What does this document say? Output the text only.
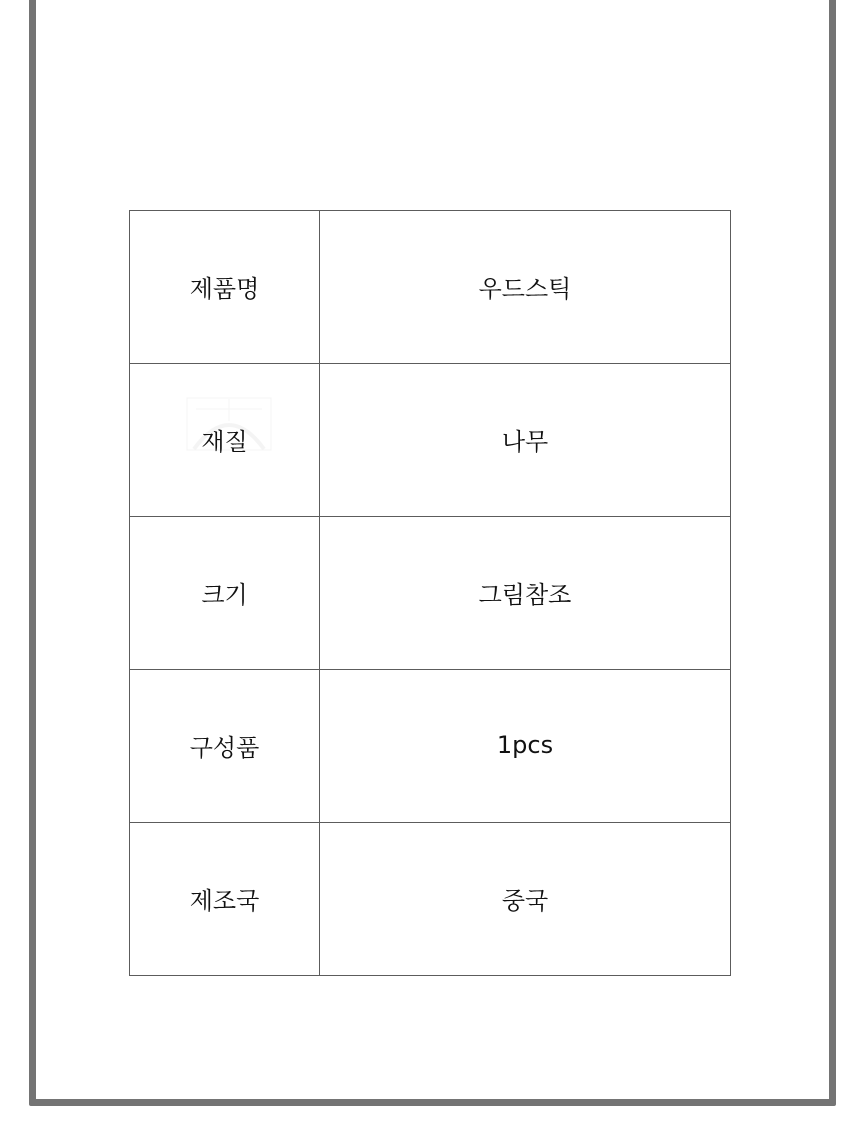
제품명	우드스틱
재질	나무
크기	그림참조
구성품	1pcs
제조국	중국
